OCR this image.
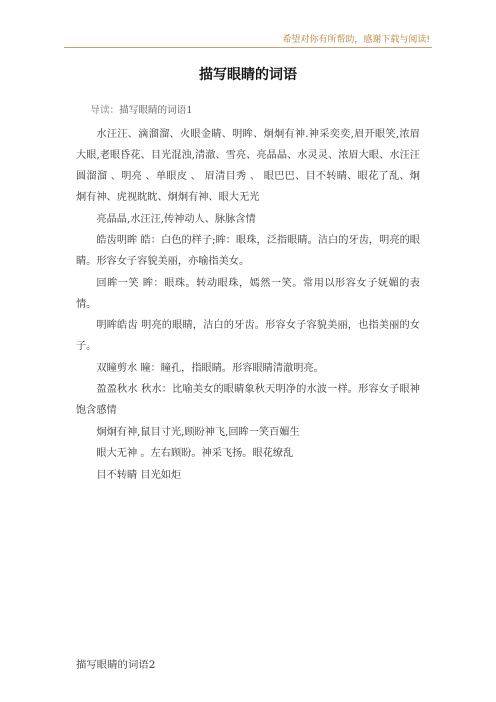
希望对你有所帮助，感谢下载与阅读!
描写眼睛的词语

导读：描写眼睛的词语1

水汪汪、滴溜溜、火眼金睛、明眸、炯炯有神.神采奕奕,眉开眼笑,浓眉大眼,老眼昏花、目光混浊,清澈、雪亮、亮晶晶、水灵灵、浓眉大眼、水汪汪 圆溜溜 、明亮 、单眼皮 、 眉清目秀 、 眼巴巴、目不转睛、眼花了乱、炯炯有神、虎视眈眈、炯炯有神、眼大无光

亮晶晶,水汪汪,传神动人、脉脉含情

皓齿明眸 皓：白色的样子;眸：眼珠，泛指眼睛。洁白的牙齿，明亮的眼睛。形容女子容貌美丽，亦喻指美女。

回眸一笑 眸：眼珠。转动眼珠，嫣然一笑。常用以形容女子妩媚的表情。

明眸皓齿 明亮的眼睛，洁白的牙齿。形容女子容貌美丽，也指美丽的女子。

双瞳剪水 瞳：瞳孔，指眼睛。形容眼睛清澈明亮。

盈盈秋水 秋水：比喻美女的眼睛象秋天明净的水波一样。形容女子眼神饱含感情

炯炯有神,鼠目寸光,顾盼神飞,回眸一笑百媚生

眼大无神 。左右顾盼。神采飞扬。眼花缭乱

目不转睛 目光如炬

描写眼睛的词语2
